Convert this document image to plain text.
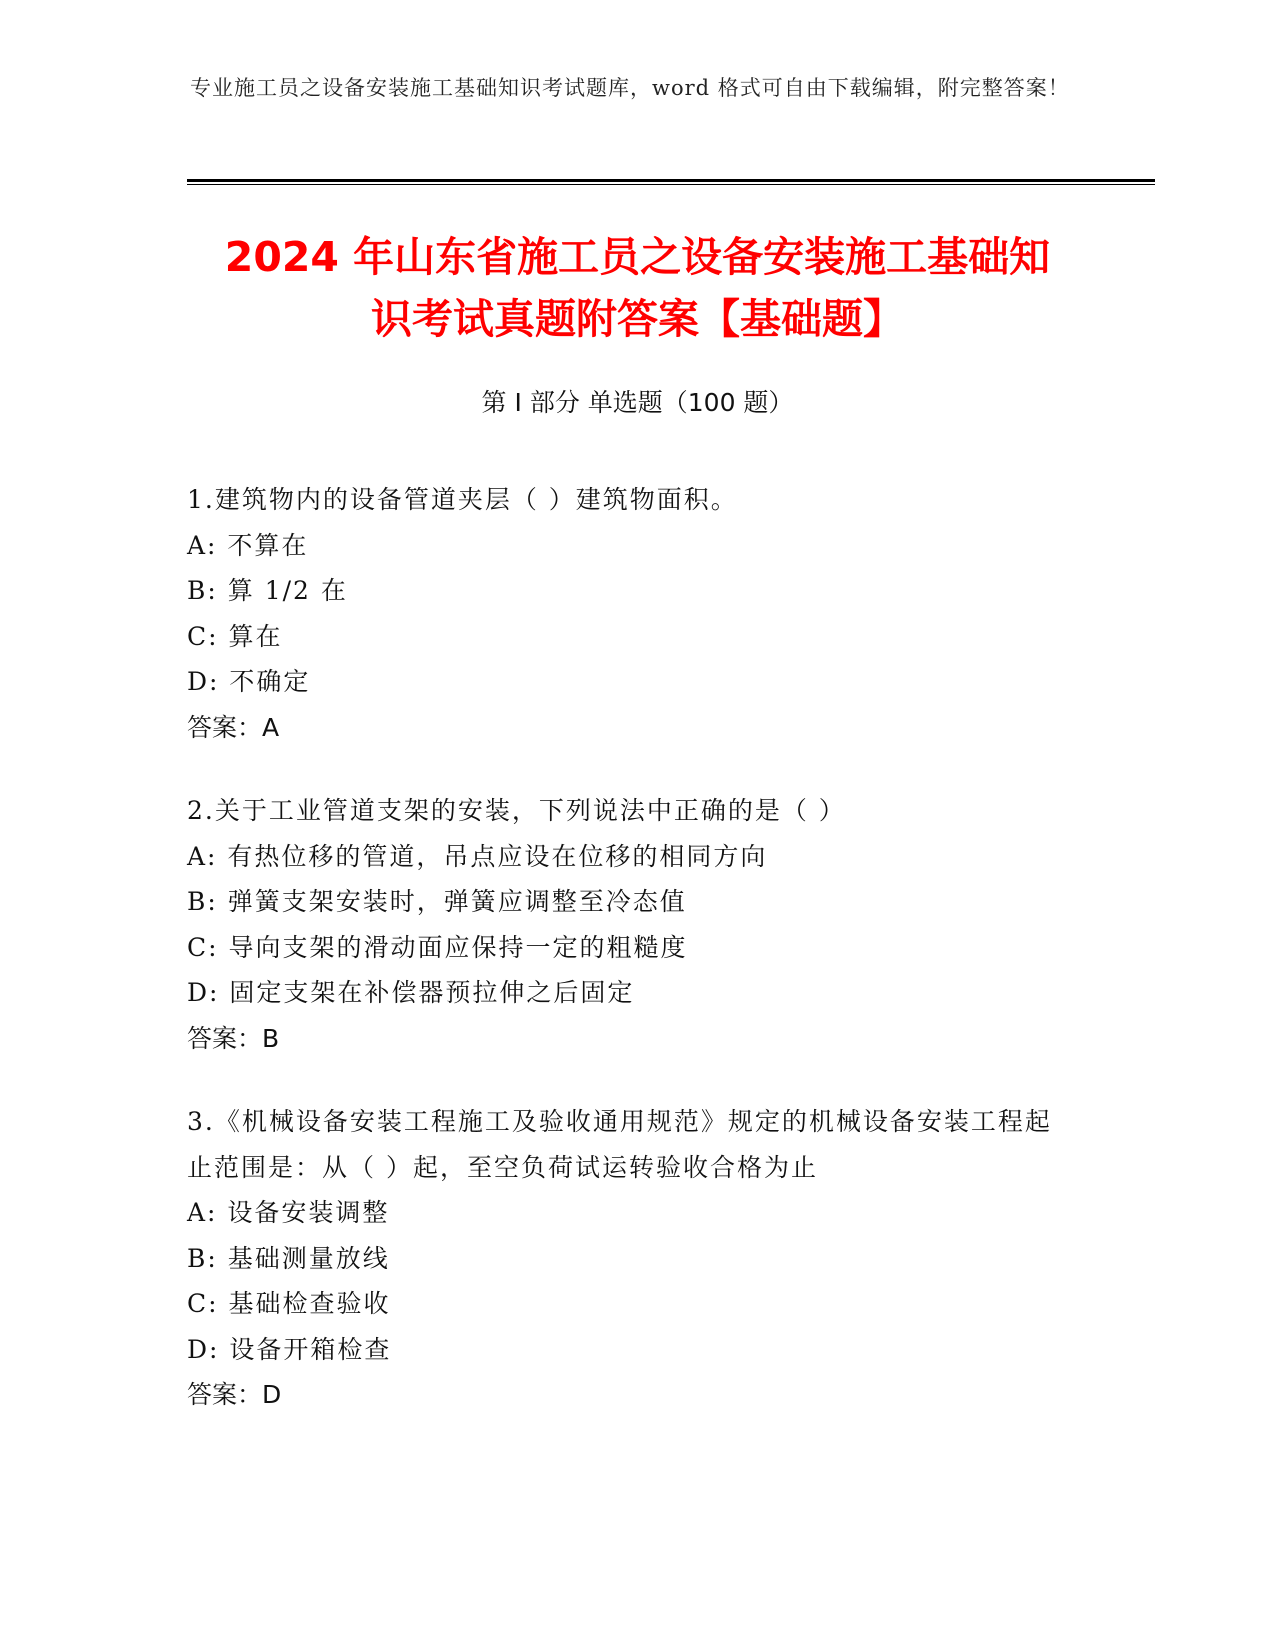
专业施工员之设备安装施工基础知识考试题库，word 格式可自由下载编辑，附完整答案！
2024 年山东省施工员之设备安装施工基础知
识考试真题附答案【基础题】
第 I 部分 单选题（100 题）
1.建筑物内的设备管道夹层（ ）建筑物面积。
A: 不算在
B: 算 1/2 在
C: 算在
D: 不确定
答案：A
2.关于工业管道支架的安装，下列说法中正确的是（ ）
A: 有热位移的管道，吊点应设在位移的相同方向
B: 弹簧支架安装时，弹簧应调整至冷态值
C: 导向支架的滑动面应保持一定的粗糙度
D: 固定支架在补偿器预拉伸之后固定
答案：B
3.《机械设备安装工程施工及验收通用规范》规定的机械设备安装工程起止范围是：从（ ）起，至空负荷试运转验收合格为止
A: 设备安装调整
B: 基础测量放线
C: 基础检查验收
D: 设备开箱检查
答案：D
